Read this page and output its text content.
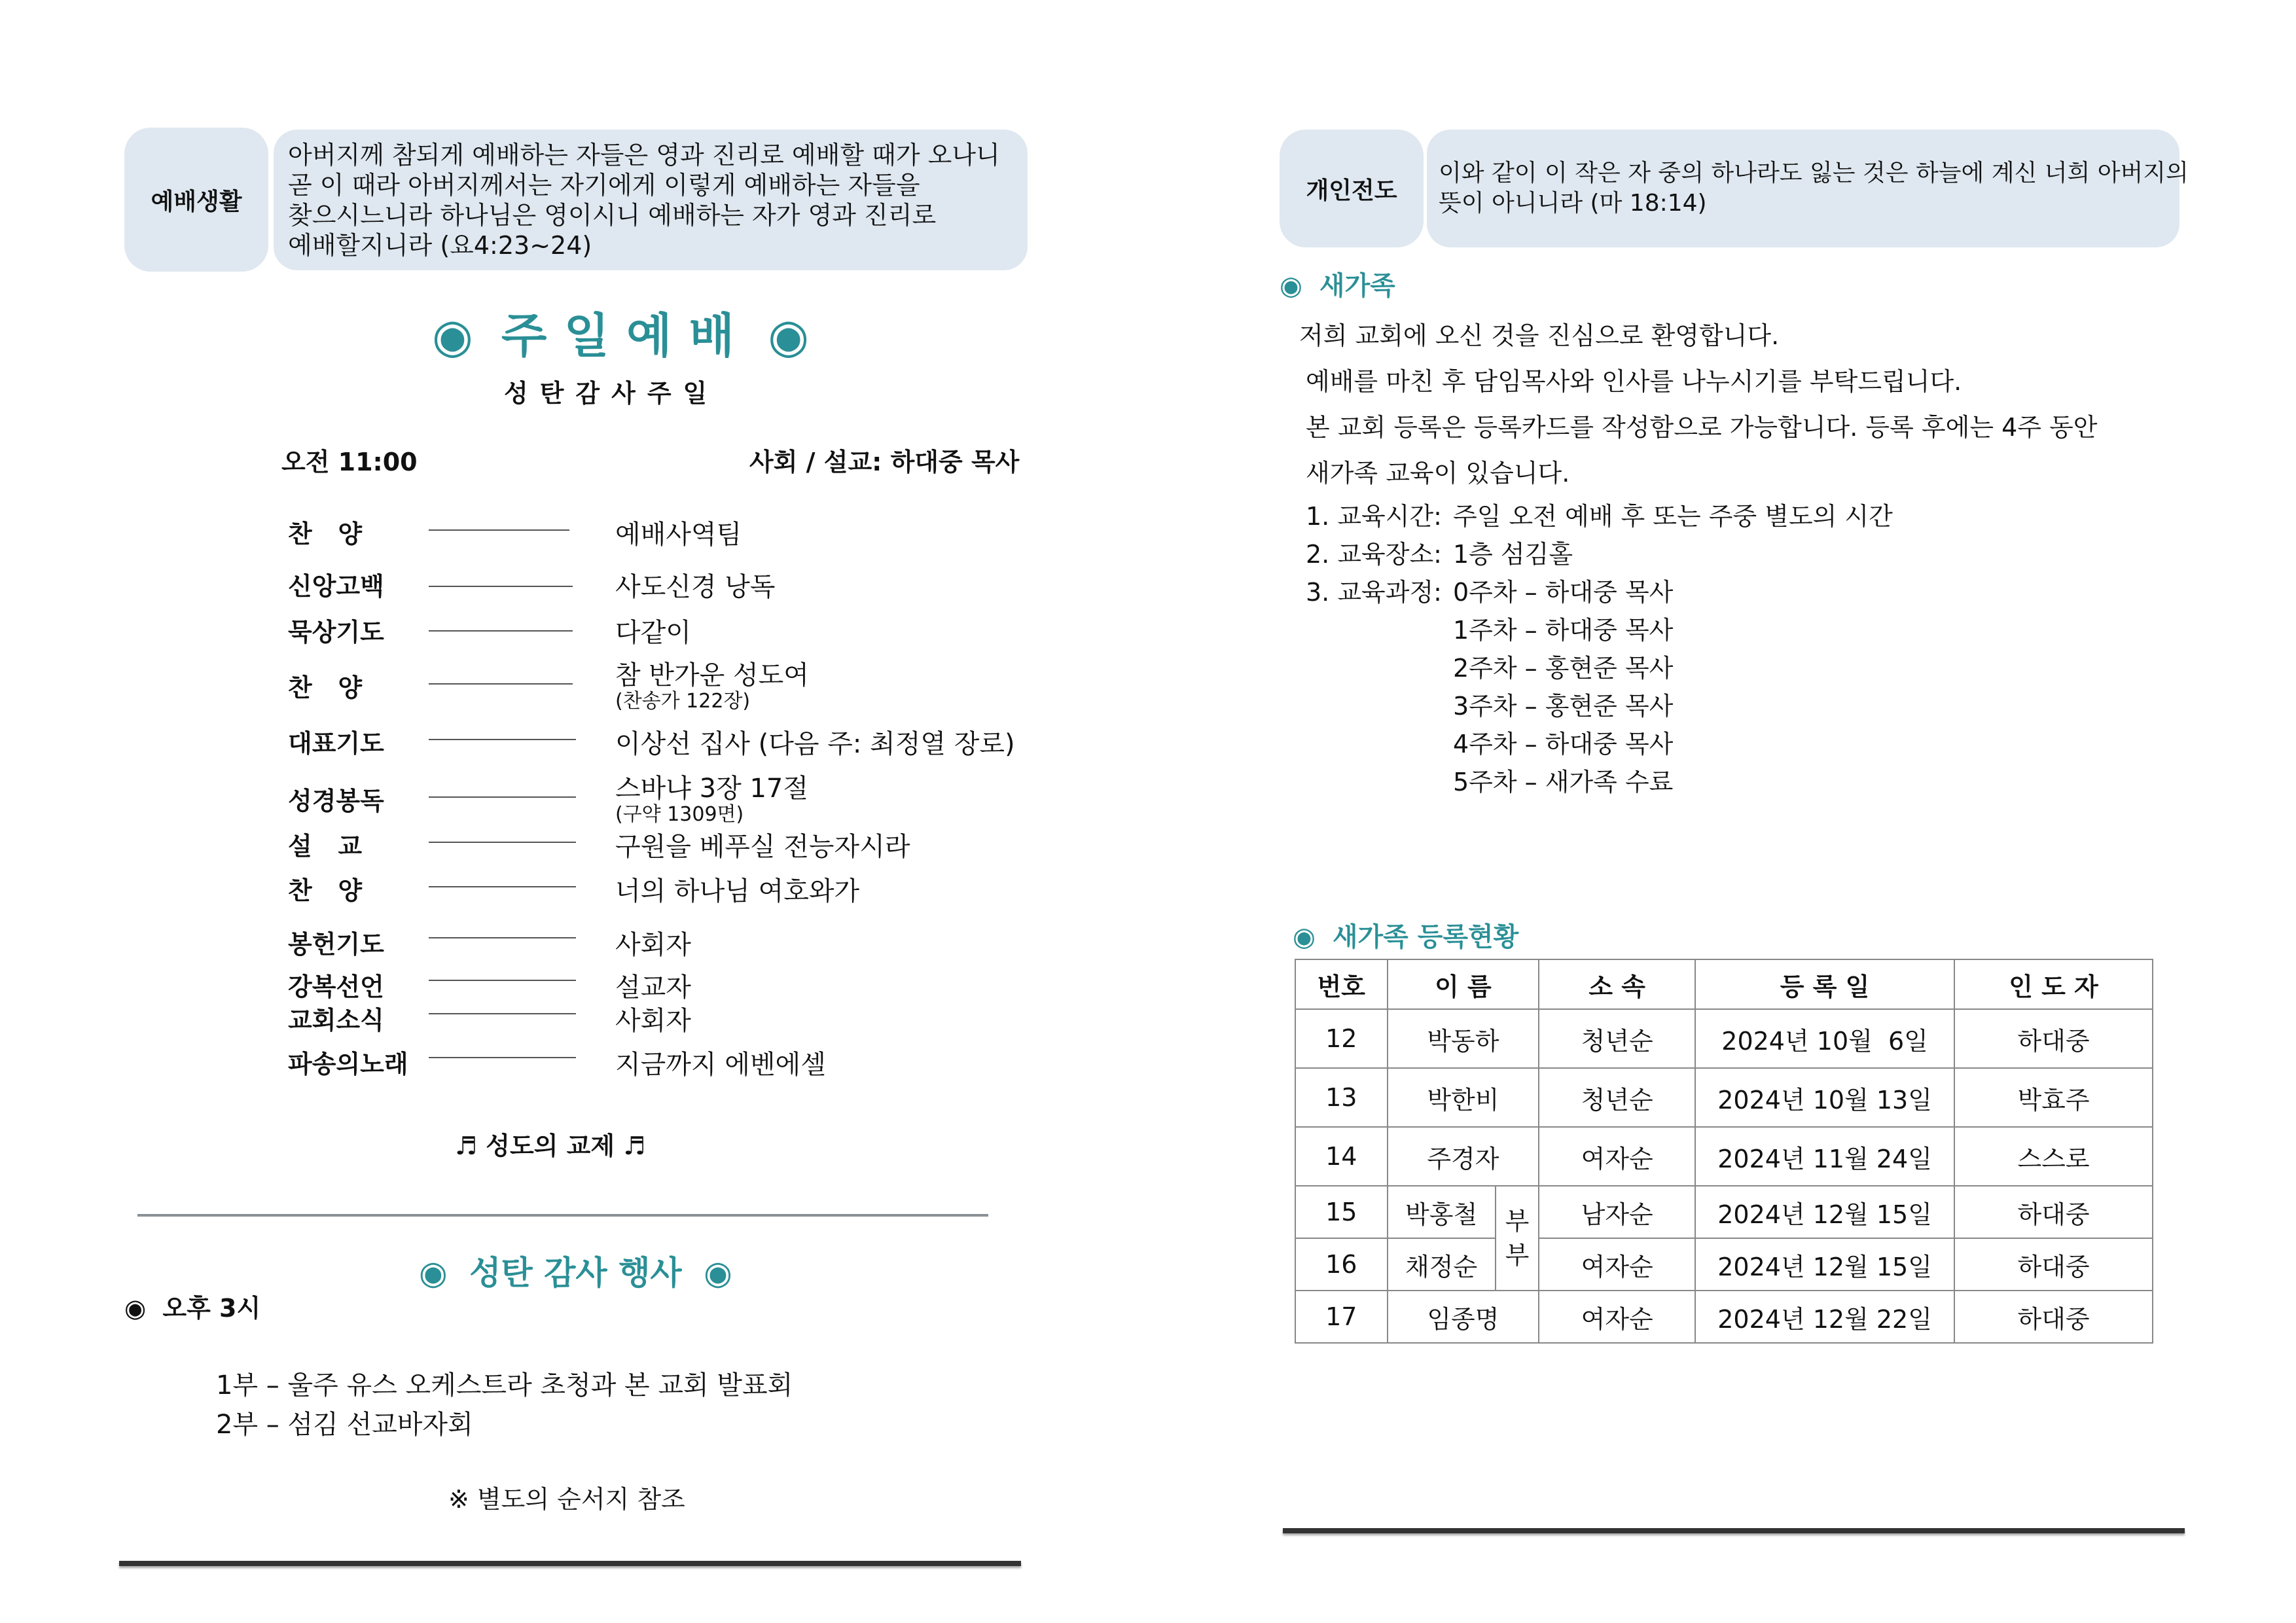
예배생활
아버지께 참되게 예배하는 자들은 영과 진리로 예배할 때가 오나니
곧 이 때라 아버지께서는 자기에게 이렇게 예배하는 자들을
찾으시느니라 하나님은 영이시니 예배하는 자가 영과 진리로
예배할지니라 (요4:23~24)
◉ 주일예배 ◉
성탄감사주일
오전 11:00	사회 / 설교: 하대중 목사
찬   양	예배사역팀
신앙고백	사도신경 낭독
묵상기도	다같이
찬   양	참 반가운 성도여
(찬송가 122장)
대표기도	이상선 집사 (다음 주: 최정열 장로)
성경봉독	스바냐 3장 17절
(구약 1309면)
설   교	구원을 베푸실 전능자시라
찬   양	너의 하나님 여호와가
봉헌기도	사회자
강복선언	설교자
교회소식	사회자
파송의노래	지금까지 에벤에셀
♬ 성도의 교제 ♬
◉ 성탄 감사 행사 ◉
◉ 오후 3시
1부 – 울주 유스 오케스트라 초청과 본 교회 발표회
2부 – 섬김 선교바자회
※ 별도의 순서지 참조
개인전도
이와 같이 이 작은 자 중의 하나라도 잃는 것은 하늘에 계신 너희 아버지의
뜻이 아니니라 (마 18:14)
◉ 새가족
저희 교회에 오신 것을 진심으로 환영합니다.
예배를 마친 후 담임목사와 인사를 나누시기를 부탁드립니다.
본 교회 등록은 등록카드를 작성함으로 가능합니다. 등록 후에는 4주 동안
새가족 교육이 있습니다.
1. 교육시간: 주일 오전 예배 후 또는 주중 별도의 시간
2. 교육장소: 1층 섬김홀
3. 교육과정: 0주차 – 하대중 목사
1주차 – 하대중 목사
2주차 – 홍현준 목사
3주차 – 홍현준 목사
4주차 – 하대중 목사
5주차 – 새가족 수료
◉ 새가족 등록현황
번호	이 름		소 속	등 록 일	인 도 자
12	박동하		청년순	2024년 10월  6일	하대중
13	박한비		청년순	2024년 10월 13일	박효주
14	주경자		여자순	2024년 11월 24일	스스로
15	박홍철	부부	남자순	2024년 12월 15일	하대중
16	채정순		여자순	2024년 12월 15일	하대중
17	임종명		여자순	2024년 12월 22일	하대중
